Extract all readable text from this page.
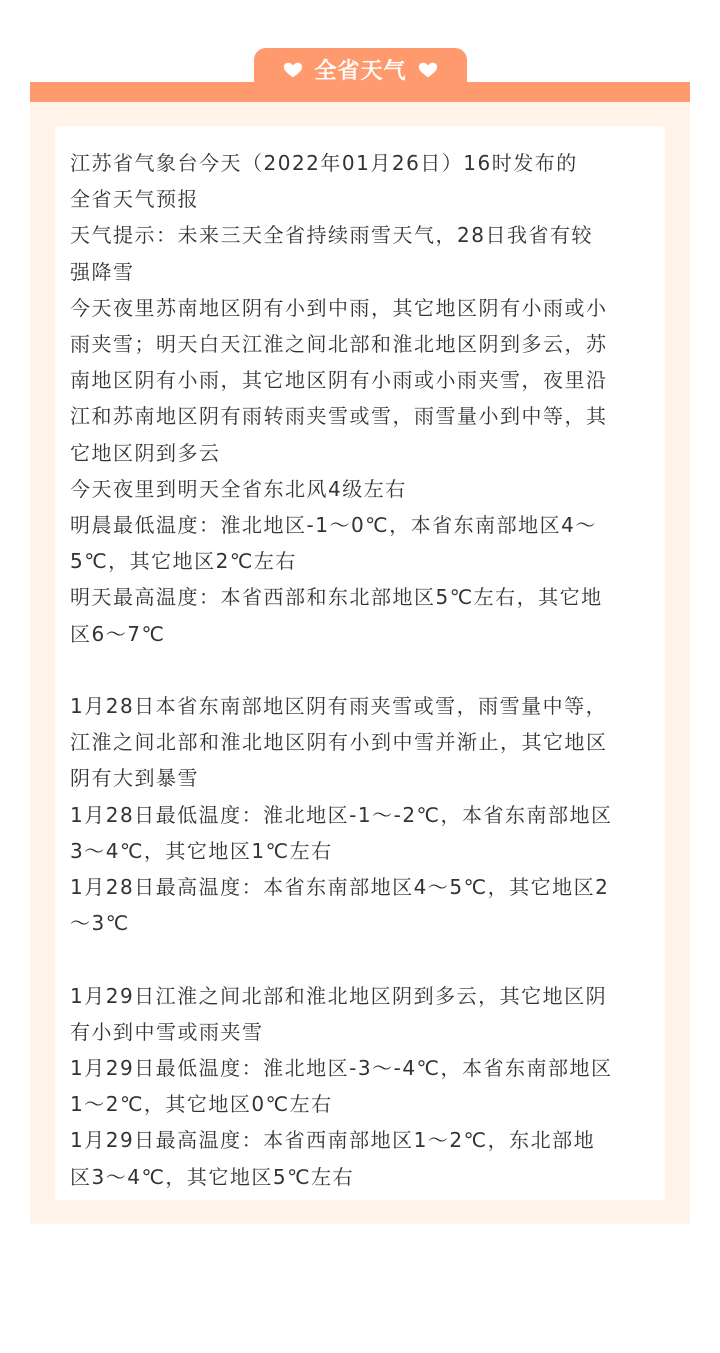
全省天气
江苏省气象台今天（2022年01月26日）16时发布的
全省天气预报
天气提示：未来三天全省持续雨雪天气，28日我省有较
强降雪
今天夜里苏南地区阴有小到中雨，其它地区阴有小雨或小
雨夹雪；明天白天江淮之间北部和淮北地区阴到多云，苏
南地区阴有小雨，其它地区阴有小雨或小雨夹雪，夜里沿
江和苏南地区阴有雨转雨夹雪或雪，雨雪量小到中等，其
它地区阴到多云
今天夜里到明天全省东北风4级左右
明晨最低温度：淮北地区-1～0℃，本省东南部地区4～
5℃，其它地区2℃左右
明天最高温度：本省西部和东北部地区5℃左右，其它地
区6～7℃
1月28日本省东南部地区阴有雨夹雪或雪，雨雪量中等，
江淮之间北部和淮北地区阴有小到中雪并渐止，其它地区
阴有大到暴雪
1月28日最低温度：淮北地区-1～-2℃，本省东南部地区
3～4℃，其它地区1℃左右
1月28日最高温度：本省东南部地区4～5℃，其它地区2
～3℃
1月29日江淮之间北部和淮北地区阴到多云，其它地区阴
有小到中雪或雨夹雪
1月29日最低温度：淮北地区-3～-4℃，本省东南部地区
1～2℃，其它地区0℃左右
1月29日最高温度：本省西南部地区1～2℃，东北部地
区3～4℃，其它地区5℃左右
